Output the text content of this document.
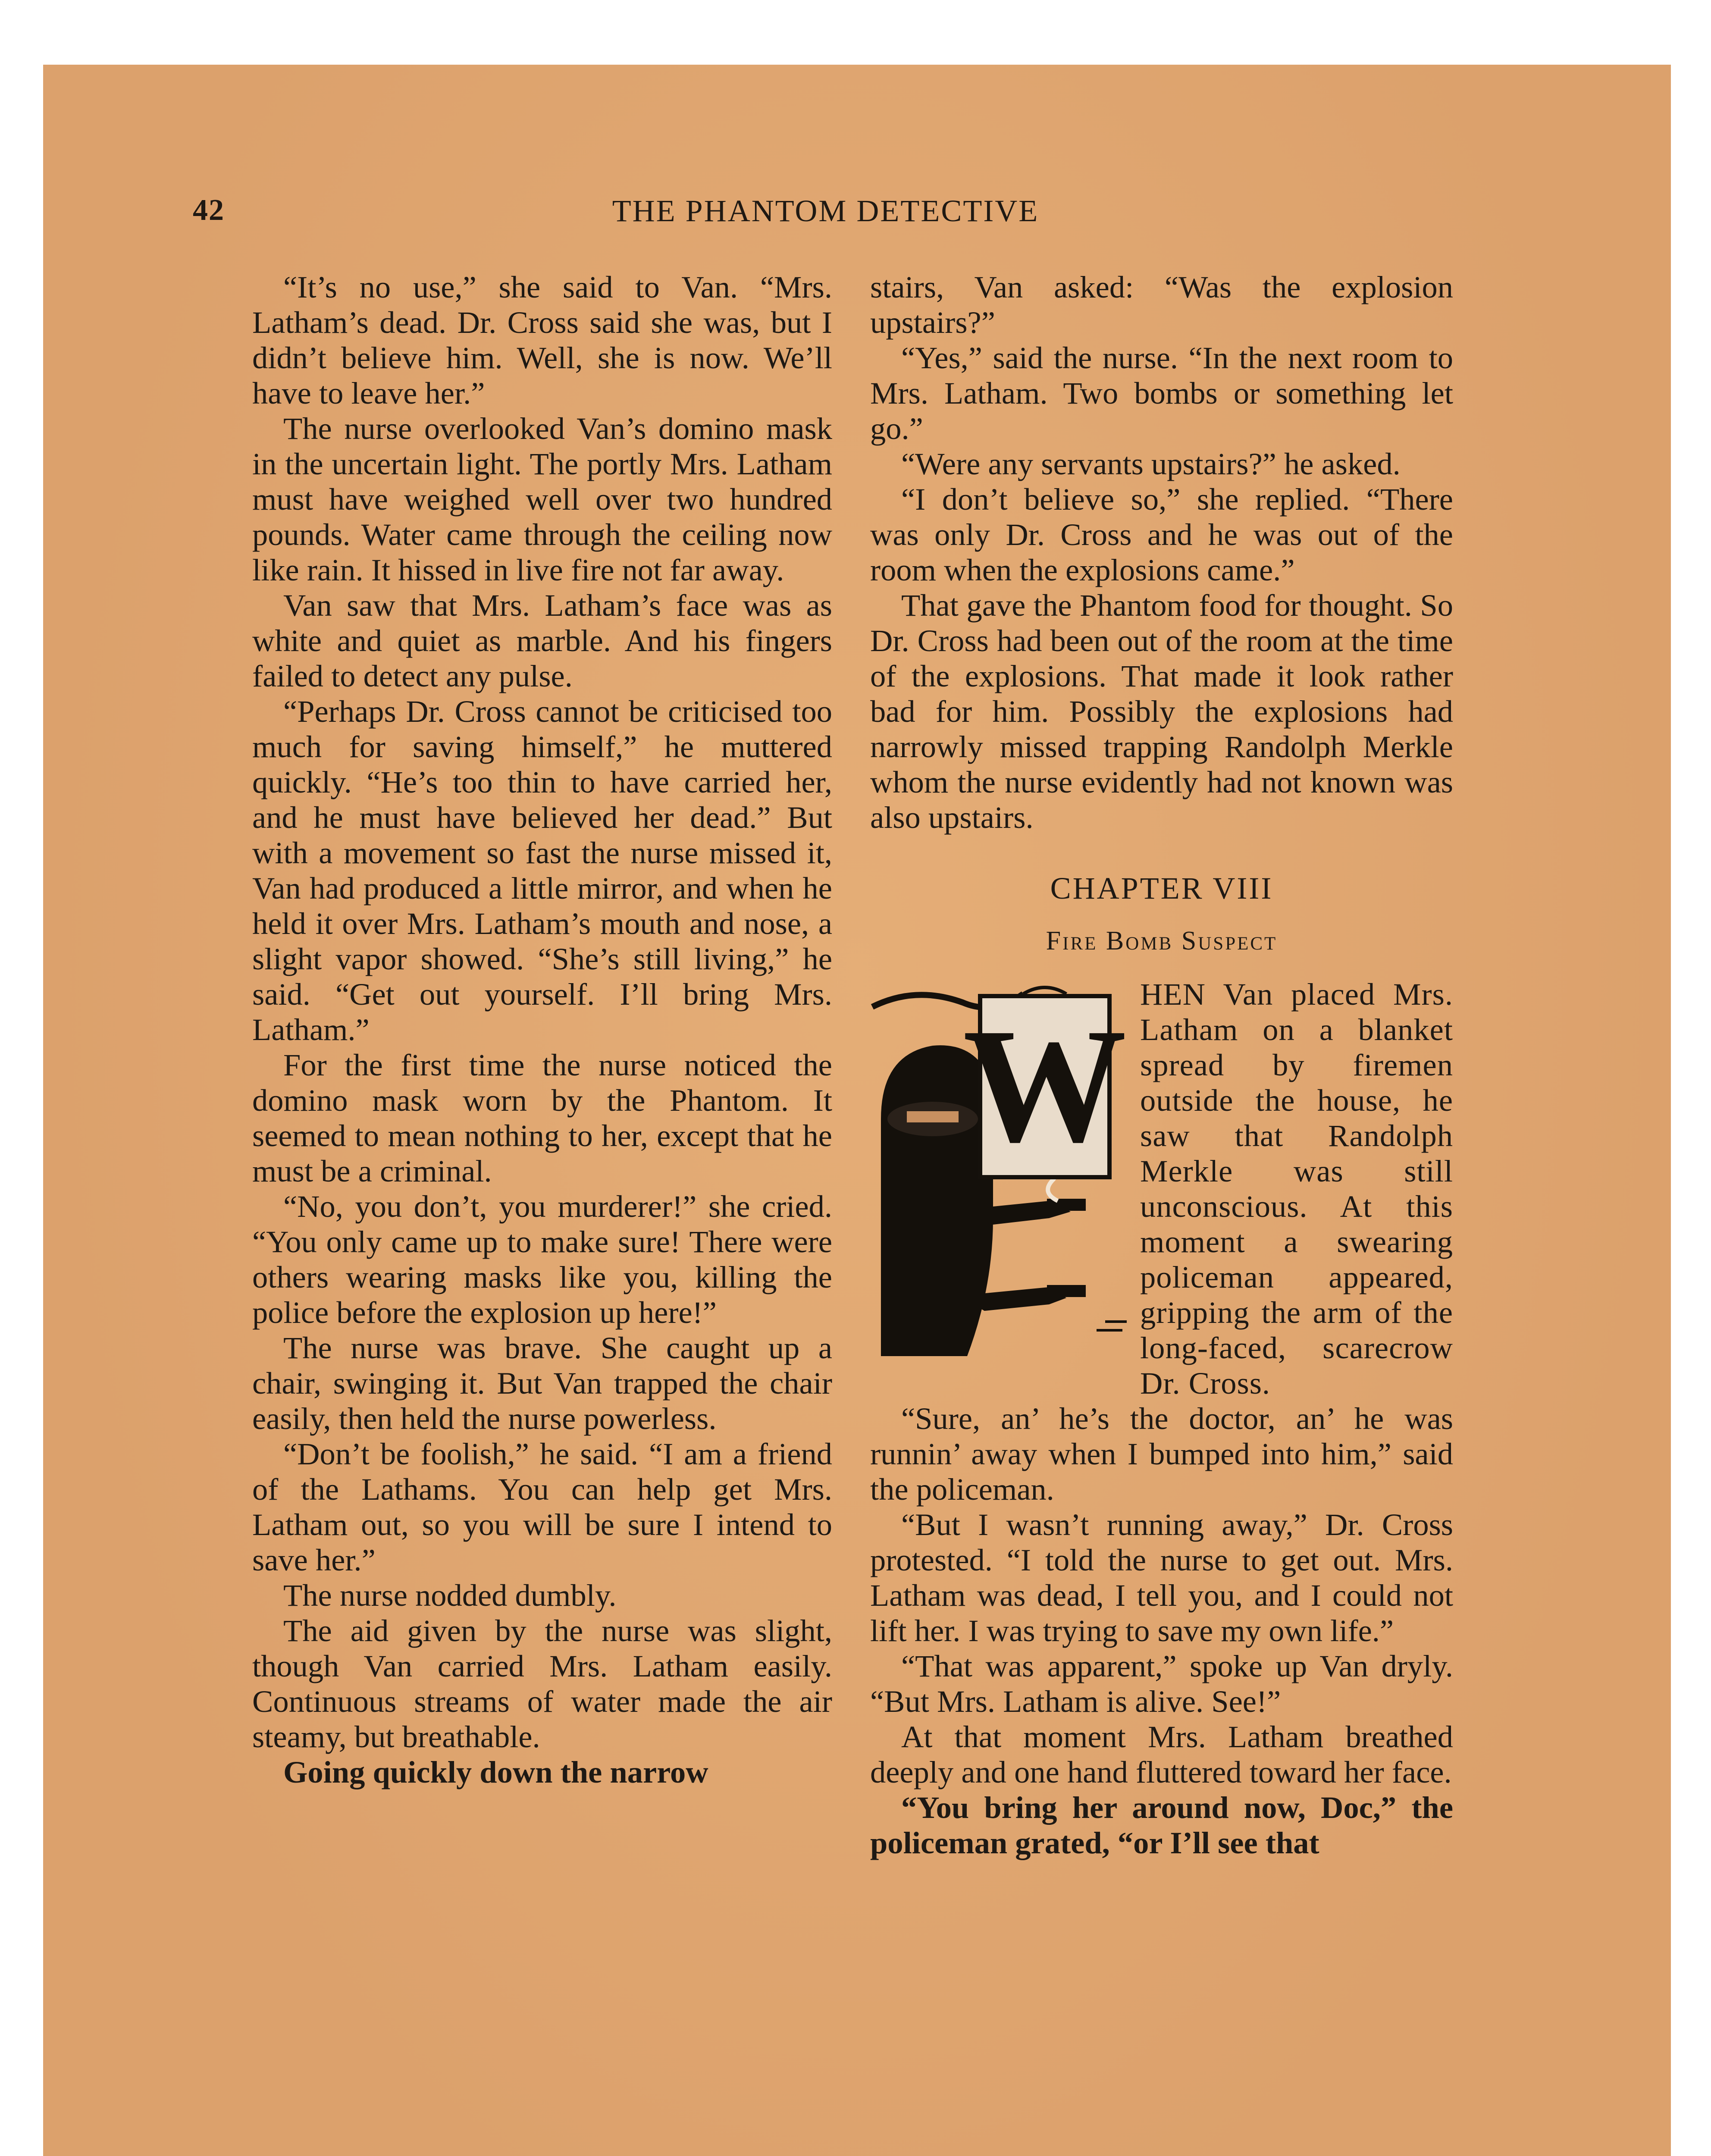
42	THE PHANTOM DETECTIVE

“It’s no use,” she said to Van. “Mrs. Latham’s dead. Dr. Cross said she was, but I didn’t believe him. Well, she is now. We’ll have to leave her.”

The nurse overlooked Van’s domino mask in the uncertain light. The portly Mrs. Latham must have weighed well over two hundred pounds. Water came through the ceiling now like rain. It hissed in live fire not far away.

Van saw that Mrs. Latham’s face was as white and quiet as marble. And his fingers failed to detect any pulse.

“Perhaps Dr. Cross cannot be criticised too much for saving himself,” he muttered quickly. “He’s too thin to have carried her, and he must have believed her dead.” But with a movement so fast the nurse missed it, Van had produced a little mirror, and when he held it over Mrs. Latham’s mouth and nose, a slight vapor showed. “She’s still living,” he said. “Get out yourself. I’ll bring Mrs. Latham.”

For the first time the nurse noticed the domino mask worn by the Phantom. It seemed to mean nothing to her, except that he must be a criminal.

“No, you don’t, you murderer!” she cried. “You only came up to make sure! There were others wearing masks like you, killing the police before the explosion up here!”

The nurse was brave. She caught up a chair, swinging it. But Van trapped the chair easily, then held the nurse powerless.

“Don’t be foolish,” he said. “I am a friend of the Lathams. You can help get Mrs. Latham out, so you will be sure I intend to save her.”

The nurse nodded dumbly.

The aid given by the nurse was slight, though Van carried Mrs. Latham easily. Continuous streams of water made the air steamy, but breathable.

Going quickly down the narrow

stairs, Van asked: “Was the explosion upstairs?”

“Yes,” said the nurse. “In the next room to Mrs. Latham. Two bombs or something let go.”

“Were any servants upstairs?” he asked.

“I don’t believe so,” she replied. “There was only Dr. Cross and he was out of the room when the explosions came.”

That gave the Phantom food for thought. So Dr. Cross had been out of the room at the time of the explosions. That made it look rather bad for him. Possibly the explosions had narrowly missed trapping Randolph Merkle whom the nurse evidently had not known was also upstairs.

CHAPTER VIII
Fire Bomb Suspect
W

HEN Van placed Mrs. Latham on a blanket spread by firemen outside the house, he saw that Randolph Merkle was still unconscious. At this moment a swearing policeman appeared, gripping the arm of the long-faced, scarecrow Dr. Cross.

“Sure, an’ he’s the doctor, an’ he was runnin’ away when I bumped into him,” said the policeman.

“But I wasn’t running away,” Dr. Cross protested. “I told the nurse to get out. Mrs. Latham was dead, I tell you, and I could not lift her. I was trying to save my own life.”

“That was apparent,” spoke up Van dryly. “But Mrs. Latham is alive. See!”

At that moment Mrs. Latham breathed deeply and one hand fluttered toward her face.

“You bring her around now, Doc,” the policeman grated, “or I’ll see that
